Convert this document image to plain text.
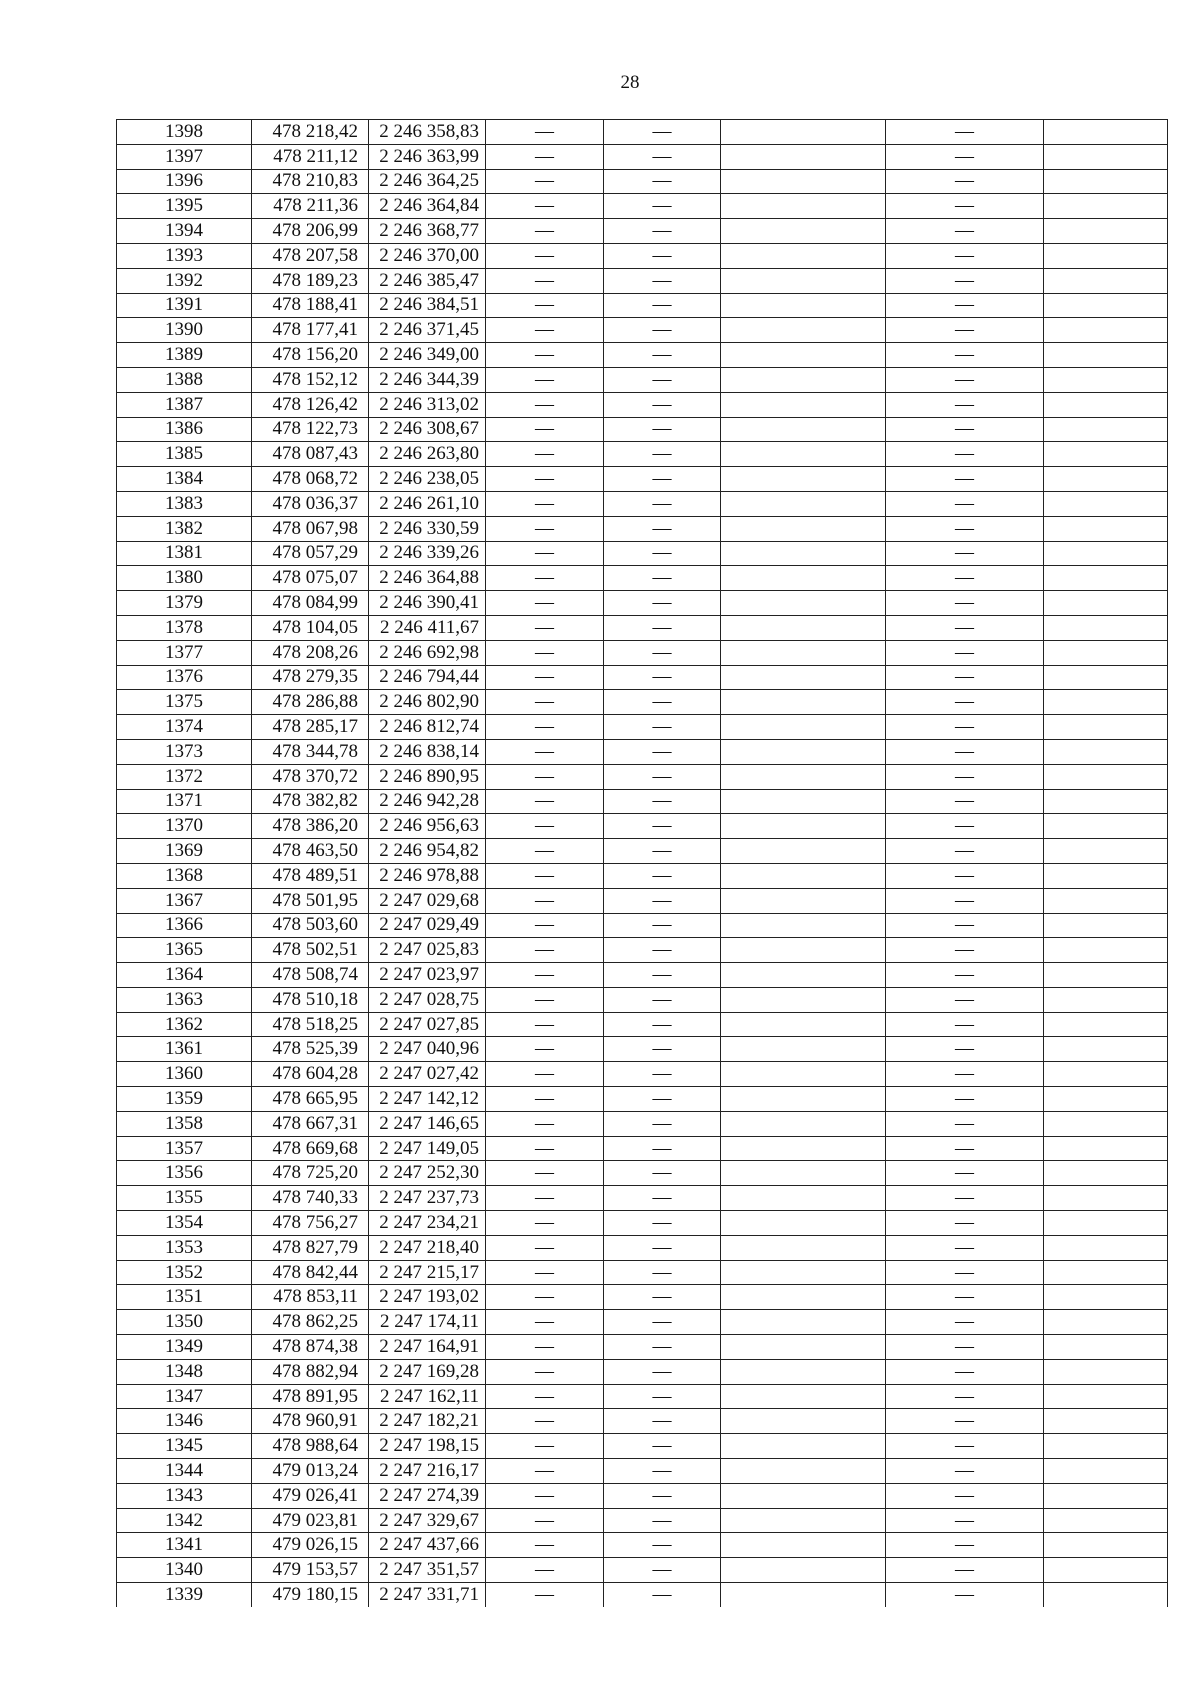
28
1398	478 218,42	2 246 358,83	—	—		—	
1397	478 211,12	2 246 363,99	—	—		—	
1396	478 210,83	2 246 364,25	—	—		—	
1395	478 211,36	2 246 364,84	—	—		—	
1394	478 206,99	2 246 368,77	—	—		—	
1393	478 207,58	2 246 370,00	—	—		—	
1392	478 189,23	2 246 385,47	—	—		—	
1391	478 188,41	2 246 384,51	—	—		—	
1390	478 177,41	2 246 371,45	—	—		—	
1389	478 156,20	2 246 349,00	—	—		—	
1388	478 152,12	2 246 344,39	—	—		—	
1387	478 126,42	2 246 313,02	—	—		—	
1386	478 122,73	2 246 308,67	—	—		—	
1385	478 087,43	2 246 263,80	—	—		—	
1384	478 068,72	2 246 238,05	—	—		—	
1383	478 036,37	2 246 261,10	—	—		—	
1382	478 067,98	2 246 330,59	—	—		—	
1381	478 057,29	2 246 339,26	—	—		—	
1380	478 075,07	2 246 364,88	—	—		—	
1379	478 084,99	2 246 390,41	—	—		—	
1378	478 104,05	2 246 411,67	—	—		—	
1377	478 208,26	2 246 692,98	—	—		—	
1376	478 279,35	2 246 794,44	—	—		—	
1375	478 286,88	2 246 802,90	—	—		—	
1374	478 285,17	2 246 812,74	—	—		—	
1373	478 344,78	2 246 838,14	—	—		—	
1372	478 370,72	2 246 890,95	—	—		—	
1371	478 382,82	2 246 942,28	—	—		—	
1370	478 386,20	2 246 956,63	—	—		—	
1369	478 463,50	2 246 954,82	—	—		—	
1368	478 489,51	2 246 978,88	—	—		—	
1367	478 501,95	2 247 029,68	—	—		—	
1366	478 503,60	2 247 029,49	—	—		—	
1365	478 502,51	2 247 025,83	—	—		—	
1364	478 508,74	2 247 023,97	—	—		—	
1363	478 510,18	2 247 028,75	—	—		—	
1362	478 518,25	2 247 027,85	—	—		—	
1361	478 525,39	2 247 040,96	—	—		—	
1360	478 604,28	2 247 027,42	—	—		—	
1359	478 665,95	2 247 142,12	—	—		—	
1358	478 667,31	2 247 146,65	—	—		—	
1357	478 669,68	2 247 149,05	—	—		—	
1356	478 725,20	2 247 252,30	—	—		—	
1355	478 740,33	2 247 237,73	—	—		—	
1354	478 756,27	2 247 234,21	—	—		—	
1353	478 827,79	2 247 218,40	—	—		—	
1352	478 842,44	2 247 215,17	—	—		—	
1351	478 853,11	2 247 193,02	—	—		—	
1350	478 862,25	2 247 174,11	—	—		—	
1349	478 874,38	2 247 164,91	—	—		—	
1348	478 882,94	2 247 169,28	—	—		—	
1347	478 891,95	2 247 162,11	—	—		—	
1346	478 960,91	2 247 182,21	—	—		—	
1345	478 988,64	2 247 198,15	—	—		—	
1344	479 013,24	2 247 216,17	—	—		—	
1343	479 026,41	2 247 274,39	—	—		—	
1342	479 023,81	2 247 329,67	—	—		—	
1341	479 026,15	2 247 437,66	—	—		—	
1340	479 153,57	2 247 351,57	—	—		—	
1339	479 180,15	2 247 331,71	—	—		—	
